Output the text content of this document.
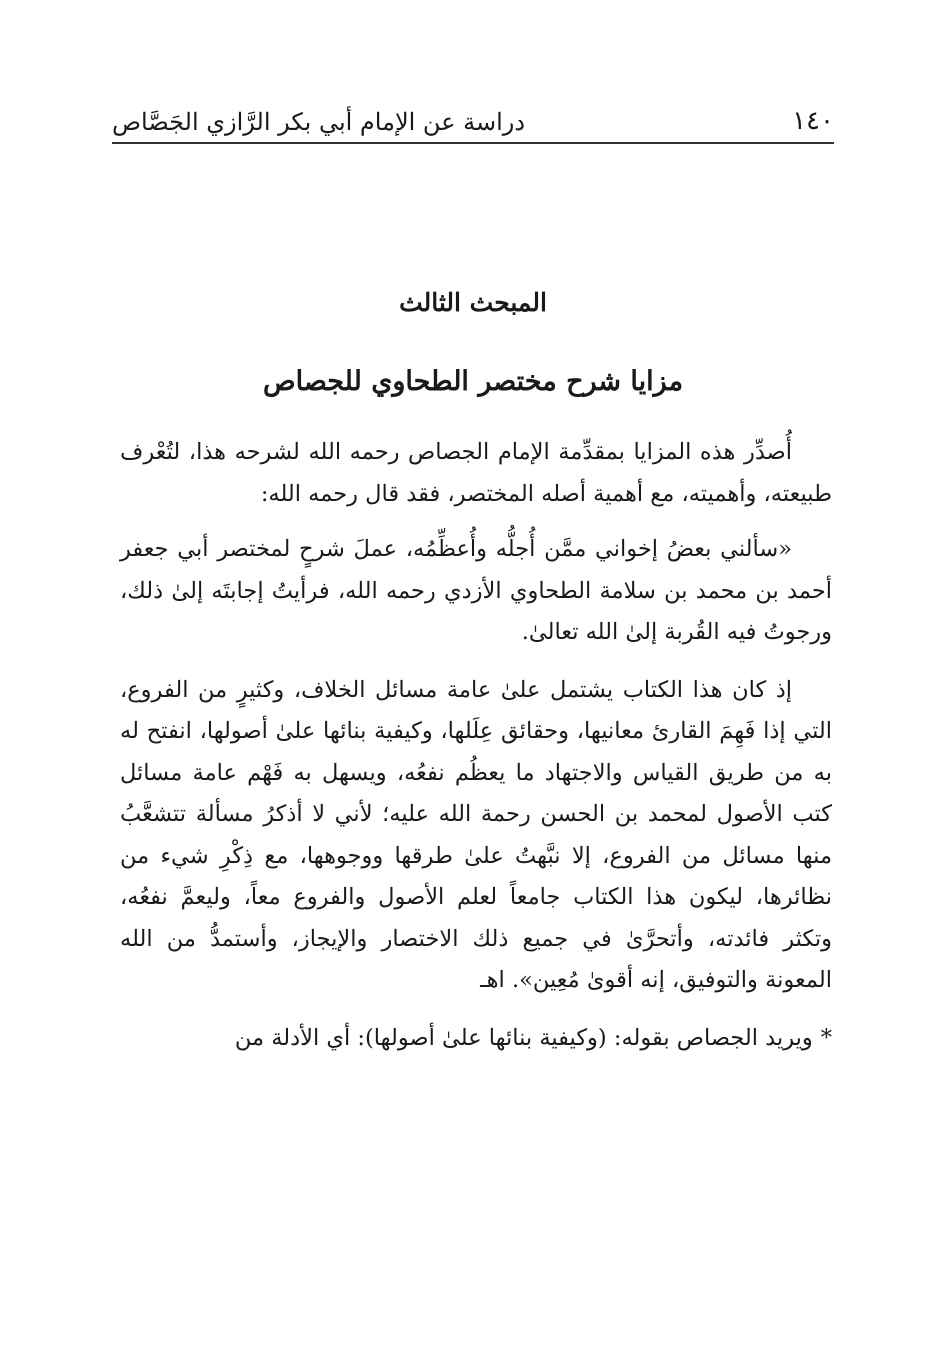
١٤٠
دراسة عن الإمام أبي بكر الرَّازي الجَصَّاص
المبحث الثالث
مزايا شرح مختصر الطحاوي للجصاص

أُصدِّر هذه المزايا بمقدِّمة الإمام الجصاص رحمه الله لشرحه هذا، لتُعْرف طبيعته، وأهميته، مع أهمية أصله المختصر، فقد قال رحمه الله:

«سألني بعضُ إخواني ممَّن أُجلُّه وأُعظِّمُه، عملَ شرحٍ لمختصر أبي جعفر أحمد بن محمد بن سلامة الطحاوي الأزدي رحمه الله، فرأيتُ إجابتَه إلىٰ ذلك، ورجوتُ فيه القُربة إلىٰ الله تعالىٰ.

إذ كان هذا الكتاب يشتمل علىٰ عامة مسائل الخلاف، وكثيرٍ من الفروع، التي إذا فَهِمَ القارئ معانيها، وحقائق عِلَلها، وكيفية بنائها علىٰ أصولها، انفتح له به من طريق القياس والاجتهاد ما يعظُم نفعُه، ويسهل به فَهْم عامة مسائل كتب الأصول لمحمد بن الحسن رحمة الله عليه؛ لأني لا أذكرُ مسألة تتشعَّبُ منها مسائل من الفروع، إلا نبَّهتُ علىٰ طرقها ووجوهها، مع ذِكْرِ شيء من نظائرها، ليكون هذا الكتاب جامعاً لعلم الأصول والفروع معاً، وليعمَّ نفعُه، وتكثر فائدته، وأتحرَّىٰ في جميع ذلك الاختصار والإيجاز، وأستمدُّ من الله المعونة والتوفيق، إنه أقوىٰ مُعِين». اهـ

*ويريد الجصاص بقوله: (وكيفية بنائها علىٰ أصولها): أي الأدلة من
